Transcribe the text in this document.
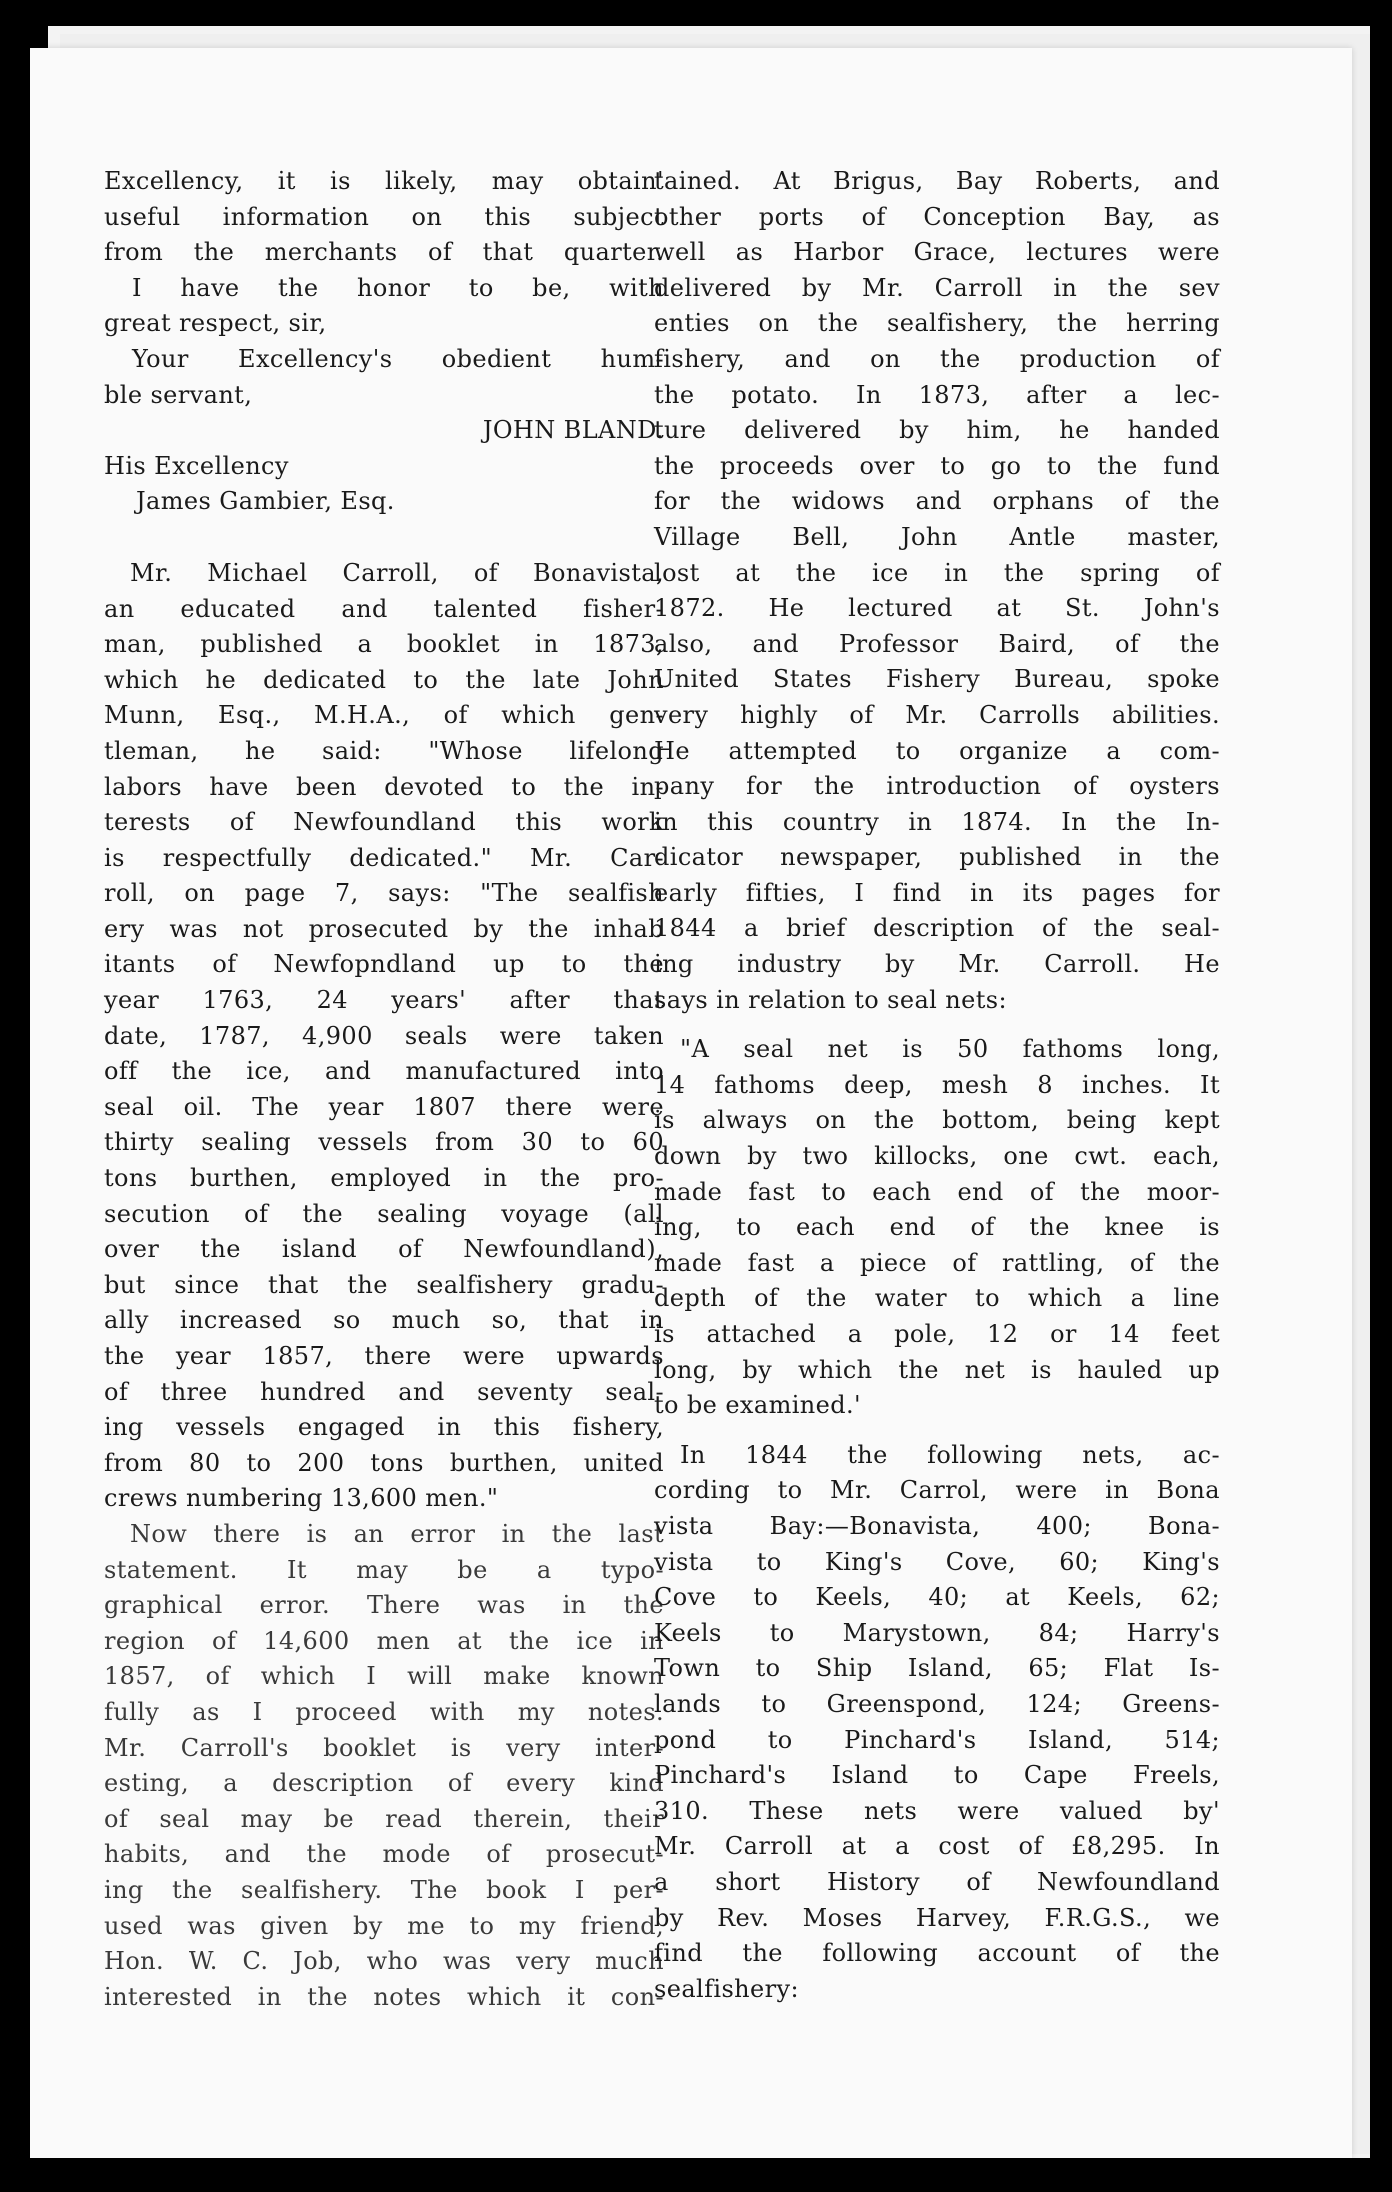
Excellency, it is likely, may obtain'
useful information on this subject
from the merchants of that quarter.
I have the honor to be, with
great respect, sir,
Your Excellency's obedient hum-
ble servant,
JOHN BLAND.
His Excellency
James Gambier, Esq.
Mr. Michael Carroll, of Bonavista,
an educated and talented fisher-
man, published a booklet in 1873,
which he dedicated to the late John
Munn, Esq., M.H.A., of which gen-
tleman, he said: "Whose lifelong
labors have been devoted to the in-
terests of Newfoundland this work
is respectfully dedicated." Mr. Car-
roll, on page 7, says: "The sealfish
ery was not prosecuted by the inhab
itants of Newfopndland up to the
year 1763, 24 years' after that
date, 1787, 4,900 seals were taken
off the ice, and manufactured into
seal oil. The year 1807 there were
thirty sealing vessels from 30 to 60
tons burthen, employed in the pro-
secution of the sealing voyage (all
over the island of Newfoundland),
but since that the sealfishery gradu-
ally increased so much so, that in
the year 1857, there were upwards
of three hundred and seventy seal-
ing vessels engaged in this fishery,
from 80 to 200 tons burthen, united
crews numbering 13,600 men."
Now there is an error in the last
statement. It may be a typo-
graphical error. There was in the
region of 14,600 men at the ice in
1857, of which I will make known
fully as I proceed with my notes.
Mr. Carroll's booklet is very inter-
esting, a description of every kind
of seal may be read therein, their
habits, and the mode of prosecut-
ing the sealfishery. The book I per-
used was given by me to my friend,
Hon. W. C. Job, who was very much
interested in the notes which it con-
tained. At Brigus, Bay Roberts, and
other ports of Conception Bay, as
well as Harbor Grace, lectures were
delivered by Mr. Carroll in the sev
enties on the sealfishery, the herring
fishery, and on the production of
the potato. In 1873, after a lec-
ture delivered by him, he handed
the proceeds over to go to the fund
for the widows and orphans of the
Village Bell, John Antle master,
lost at the ice in the spring of
1872. He lectured at St. John's
also, and Professor Baird, of the
United States Fishery Bureau, spoke
very highly of Mr. Carrolls abilities.
He attempted to organize a com-
pany for the introduction of oysters
in this country in 1874. In the In-
dicator newspaper, published in the
early fifties, I find in its pages for
1844 a brief description of the seal-
ing industry by Mr. Carroll. He
says in relation to seal nets:
"A seal net is 50 fathoms long,
14 fathoms deep, mesh 8 inches. It
is always on the bottom, being kept
down by two killocks, one cwt. each,
made fast to each end of the moor-
ing, to each end of the knee is
made fast a piece of rattling, of the
depth of the water to which a line
is attached a pole, 12 or 14 feet
long, by which the net is hauled up
to be examined.'
In 1844 the following nets, ac-
cording to Mr. Carrol, were in Bona
vista Bay:—Bonavista, 400; Bona-
vista to King's Cove, 60; King's
Cove to Keels, 40; at Keels, 62;
Keels to Marystown, 84; Harry's
Town to Ship Island, 65; Flat Is-
lands to Greenspond, 124; Greens-
pond to Pinchard's Island, 514;
Pinchard's Island to Cape Freels,
310. These nets were valued by'
Mr. Carroll at a cost of £8,295. In
a short History of Newfoundland
by Rev. Moses Harvey, F.R.G.S., we
find the following account of the
sealfishery:
